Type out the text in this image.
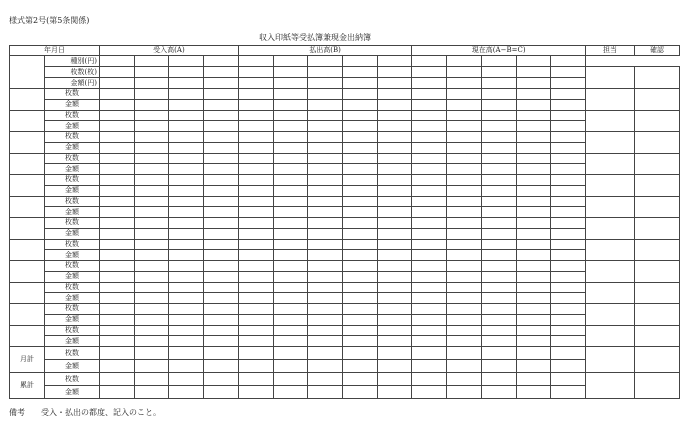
様式第2号(第5条関係)
収入印紙等受払簿兼現金出納簿
年月日		受入高(A)				払出高(B)					現在高(A−B=C)					担当	確認
	種別(円)																
	枚数(枚)																
	金額(円)																
	枚数																
	金額																
	枚数																
	金額																
	枚数																
	金額																
	枚数																
	金額																
	枚数																
	金額																
	枚数																
	金額																
	枚数																
	金額																
	枚数																
	金額																
	枚数																
	金額																
	枚数																
	金額																
	枚数																
	金額																
	枚数																
	金額																
月計	枚数																
	金額																
累計	枚数																
	金額																
備考 受入・払出の都度、記入のこと。
